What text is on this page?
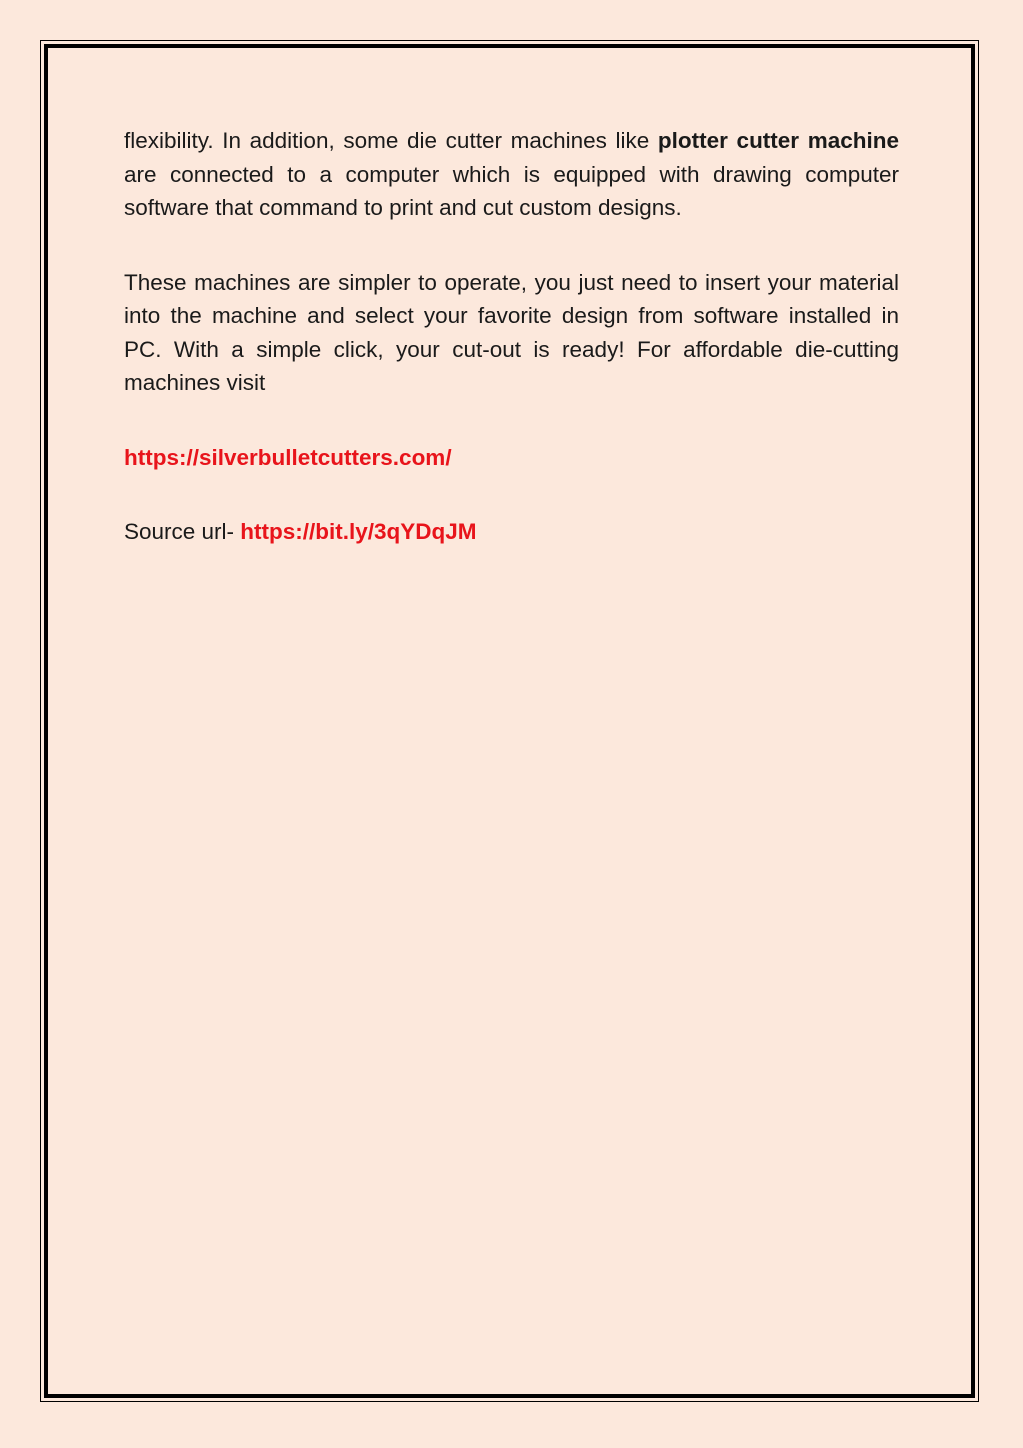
flexibility. In addition, some die cutter machines like plotter cutter machine are connected to a computer which is equipped with drawing computer software that command to print and cut custom designs.

These machines are simpler to operate, you just need to insert your material into the machine and select your favorite design from software installed in PC. With a simple click, your cut-out is ready! For affordable die-cutting machines visit

https://silverbulletcutters.com/

Source url- https://bit.ly/3qYDqJM
